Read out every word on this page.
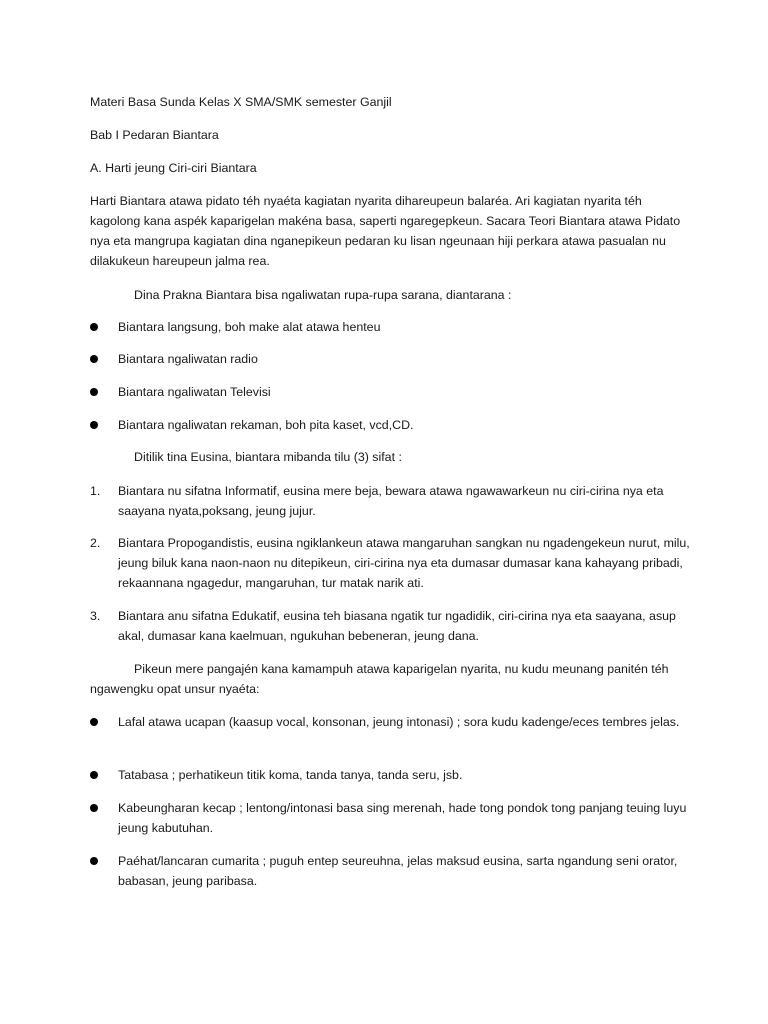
Materi Basa Sunda Kelas X SMA/SMK semester Ganjil

Bab I Pedaran Biantara

A. Harti jeung Ciri-ciri Biantara

Harti Biantara atawa pidato téh nyaéta kagiatan nyarita dihareupeun balaréa. Ari kagiatan nyarita téh kagolong kana aspék kaparigelan makéna basa, saperti ngaregepkeun. Sacara Teori Biantara atawa Pidato nya eta mangrupa kagiatan dina nganepikeun pedaran ku lisan ngeunaan hiji perkara atawa pasualan nu dilakukeun hareupeun jalma rea.

Dina Prakna Biantara bisa ngaliwatan rupa-rupa sarana, diantarana :

Biantara langsung, boh make alat atawa henteu
Biantara ngaliwatan radio
Biantara ngaliwatan Televisi
Biantara ngaliwatan rekaman, boh pita kaset, vcd,CD.

Ditilik tina Eusina, biantara mibanda tilu (3) sifat :

1. Biantara nu sifatna Informatif, eusina mere beja, bewara atawa ngawawarkeun nu ciri-cirina nya eta saayana nyata,poksang, jeung jujur.
2. Biantara Propogandistis, eusina ngiklankeun atawa mangaruhan sangkan nu ngadengekeun nurut, milu, jeung biluk kana naon-naon nu ditepikeun, ciri-cirina nya eta dumasar dumasar kana kahayang pribadi, rekaannana ngagedur, mangaruhan, tur matak narik ati.
3. Biantara anu sifatna Edukatif, eusina teh biasana ngatik tur ngadidik, ciri-cirina nya eta saayana, asup akal, dumasar kana kaelmuan, ngukuhan bebeneran, jeung dana.

Pikeun mere pangajén kana kamampuh atawa kaparigelan nyarita, nu kudu meunang panitén téh ngawengku opat unsur nyaéta:

Lafal atawa ucapan (kaasup vocal, konsonan, jeung intonasi) ; sora kudu kadenge/eces tembres jelas.
Tatabasa ; perhatikeun titik koma, tanda tanya, tanda seru, jsb.
Kabeungharan kecap ; lentong/intonasi basa sing merenah, hade tong pondok tong panjang teuing luyu jeung kabutuhan.
Paéhat/lancaran cumarita ; puguh entep seureuhna, jelas maksud eusina, sarta ngandung seni orator, babasan, jeung paribasa.
